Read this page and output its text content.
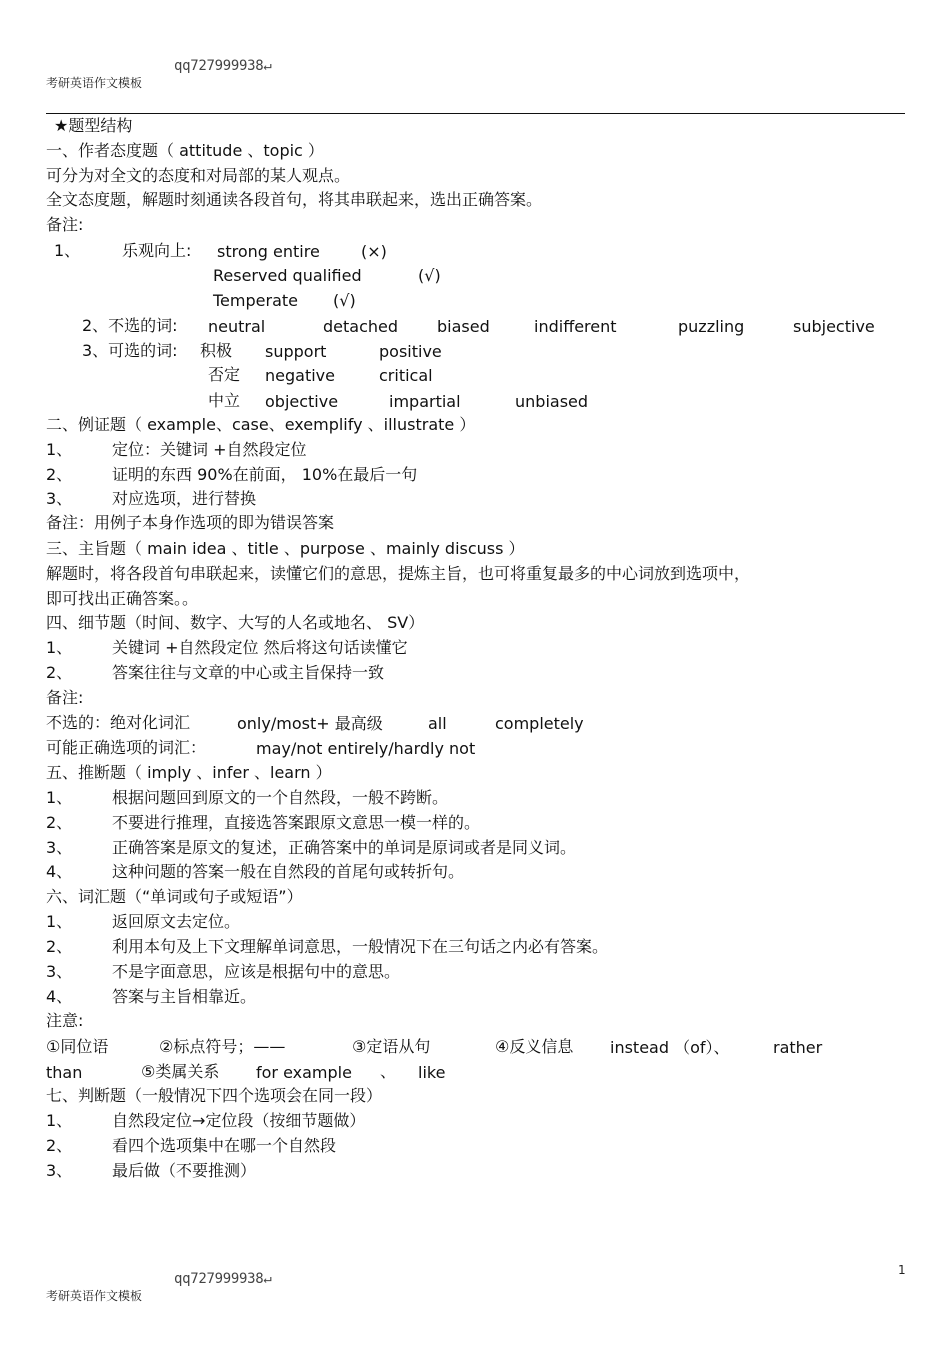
qq727999938↵
考研英语作文模板
★题型结构
一、作者态度题（ attitude 、topic ）
可分为对全文的态度和对局部的某人观点。
全文态度题，解题时刻通读各段首句，将其串联起来，选出正确答案。
备注:
1、	乐观向上: strong entire	(×)
Reserved qualified	(√)
Temperate (√)
2、不选的词: neutral	detached biased	indifferent	puzzling	subjective
3、可选的词: 积极 support	positive
否定 negative	critical
中立 objective	impartial	unbiased
二、例证题（ example、case、exemplify 、illustrate ）
1、 定位：关键词 +自然段定位
2、 证明的东西 90%在前面， 10%在最后一句
3、 对应选项，进行替换
备注：用例子本身作选项的即为错误答案
三、主旨题（ main idea 、title 、purpose 、mainly discuss ）
解题时，将各段首句串联起来，读懂它们的意思，提炼主旨，也可将重复最多的中心词放到选项中，
即可找出正确答案。。
四、细节题（时间、数字、大写的人名或地名、 SV）
1、 关键词 +自然段定位 然后将这句话读懂它
2、 答案往往与文章的中心或主旨保持一致
备注:
不选的：绝对化词汇	only/most+ 最高级	all	completely
可能正确选项的词汇：	may/not entirely/hardly not
五、推断题（ imply 、infer 、learn ）
1、 根据问题回到原文的一个自然段，一般不跨断。
2、 不要进行推理，直接选答案跟原文意思一模一样的。
3、 正确答案是原文的复述，正确答案中的单词是原词或者是同义词。
4、 这种问题的答案一般在自然段的首尾句或转折句。
六、词汇题（“单词或句子或短语”）
1、 返回原文去定位。
2、 利用本句及上下文理解单词意思，一般情况下在三句话之内必有答案。
3、 不是字面意思，应该是根据句中的意思。
4、 答案与主旨相靠近。
注意:
①同位语	②标点符号；——	③定语从句	④反义信息 instead （of）、	rather
than	⑤类属关系 for example 、 like
七、判断题（一般情况下四个选项会在同一段）
1、 自然段定位→定位段（按细节题做）
2、 看四个选项集中在哪一个自然段
3、 最后做（不要推测）
1
qq727999938↵
考研英语作文模板
